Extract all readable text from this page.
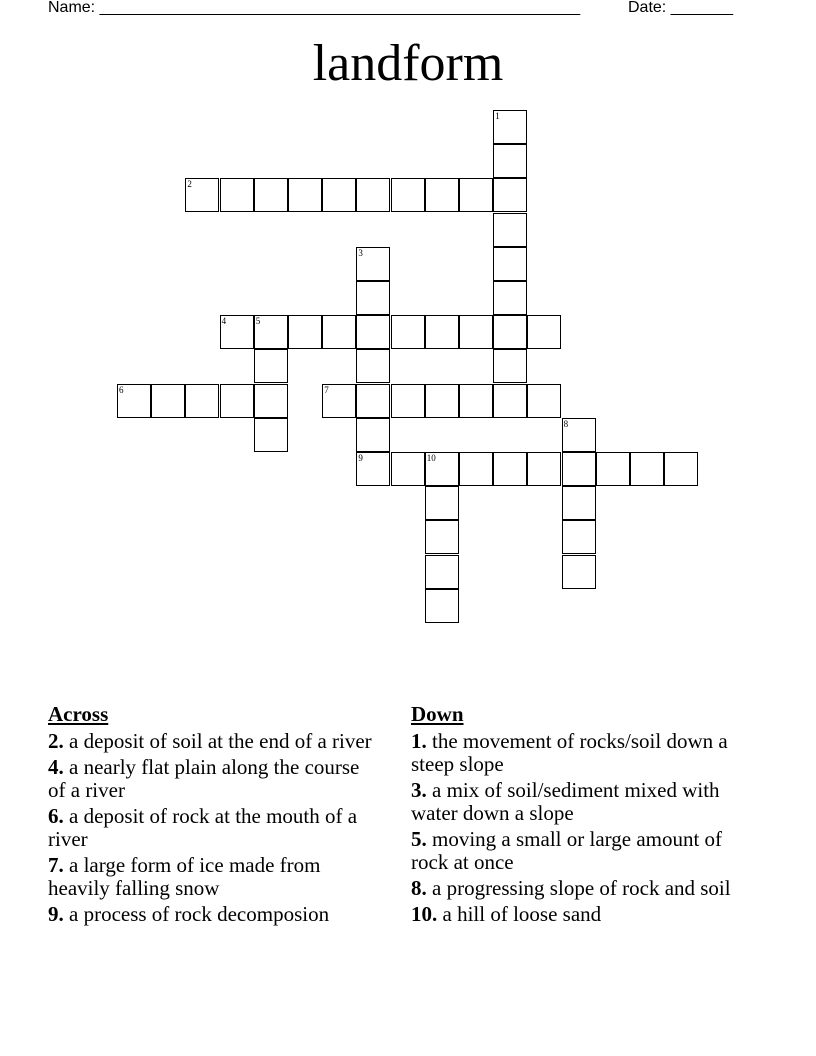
Name: ______________________________________________________	Date: _______
landform
1
2
3
9
4	5
6	7
8
10
Across
2. a deposit of soil at the end of a river
4. a nearly flat plain along the course of a river
6. a deposit of rock at the mouth of a river
7. a large form of ice made from heavily falling snow
9. a process of rock decomposion
Down
1. the movement of rocks/soil down a steep slope
3. a mix of soil/sediment mixed with water down a slope
5. moving a small or large amount of rock at once
8. a progressing slope of rock and soil
10. a hill of loose sand
